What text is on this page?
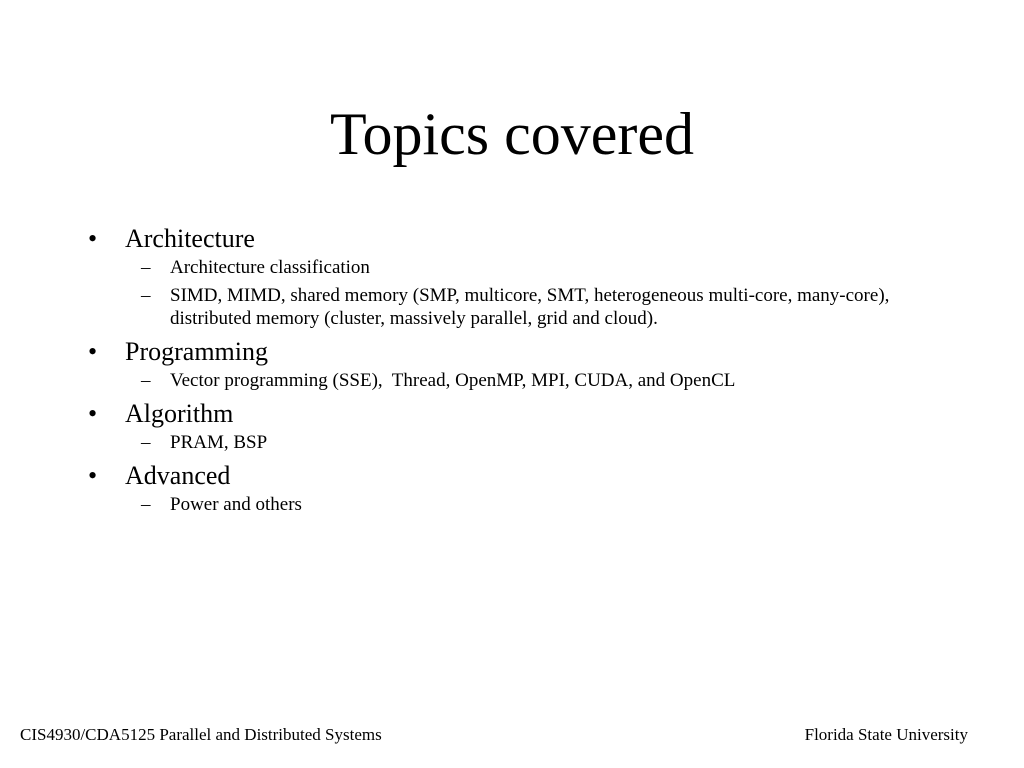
Topics covered
• Architecture
– Architecture classification
– SIMD, MIMD, shared memory (SMP, multicore, SMT, heterogeneous multi-core, many-core), distributed memory (cluster, massively parallel, grid and cloud).
• Programming
– Vector programming (SSE),  Thread, OpenMP, MPI, CUDA, and OpenCL
• Algorithm
– PRAM, BSP
• Advanced
– Power and others
CIS4930/CDA5125 Parallel and Distributed Systems	Florida State University
